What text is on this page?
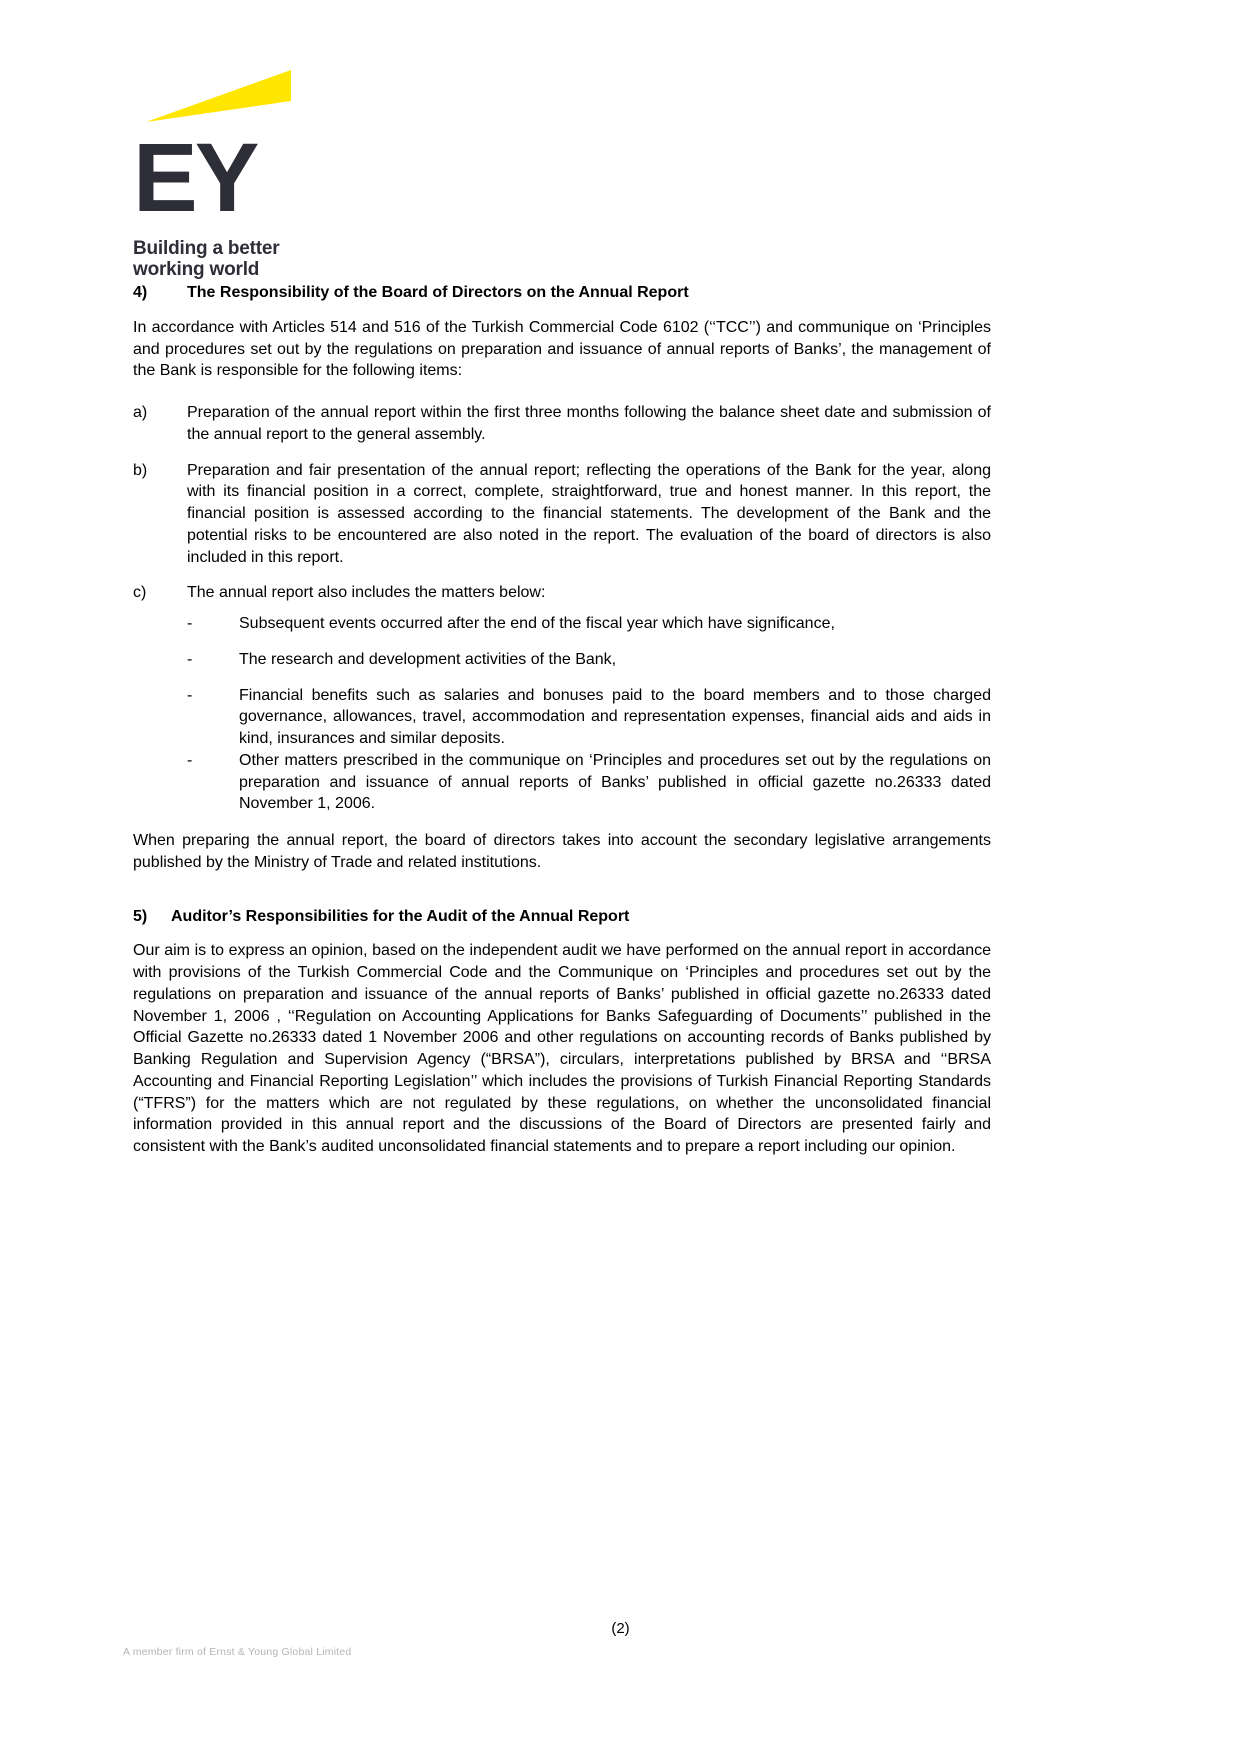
EY
Building a better
working world
4)	The Responsibility of the Board of Directors on the Annual Report

In accordance with Articles 514 and 516 of the Turkish Commercial Code 6102 (‘‘TCC’’) and communique on ‘Principles and procedures set out by the regulations on preparation and issuance of annual reports of Banks’, the management of the Bank is responsible for the following items:

a)	Preparation of the annual report within the first three months following the balance sheet date and submission of the annual report to the general assembly.
b)	Preparation and fair presentation of the annual report; reflecting the operations of the Bank for the year, along with its financial position in a correct, complete, straightforward, true and honest manner. In this report, the financial position is assessed according to the financial statements. The development of the Bank and the potential risks to be encountered are also noted in the report. The evaluation of the board of directors is also included in this report.
c)	The annual report also includes the matters below:
-	Subsequent events occurred after the end of the fiscal year which have significance,
-	The research and development activities of the Bank,
-	Financial benefits such as salaries and bonuses paid to the board members and to those charged governance, allowances, travel, accommodation and representation expenses, financial aids and aids in kind, insurances and similar deposits.
-	Other matters prescribed in the communique on ‘Principles and procedures set out by the regulations on preparation and issuance of annual reports of Banks’ published in official gazette no.26333 dated November 1, 2006.

When preparing the annual report, the board of directors takes into account the secondary legislative arrangements published by the Ministry of Trade and related institutions.

5)	Auditor’s Responsibilities for the Audit of the Annual Report

Our aim is to express an opinion, based on the independent audit we have performed on the annual report in accordance with provisions of the Turkish Commercial Code and the Communique on ‘Principles and procedures set out by the regulations on preparation and issuance of the annual reports of Banks’ published in official gazette no.26333 dated November 1, 2006 , ‘‘Regulation on Accounting Applications for Banks Safeguarding of Documents’’ published in the Official Gazette no.26333 dated 1 November 2006 and other regulations on accounting records of Banks published by Banking Regulation and Supervision Agency (“BRSA”), circulars, interpretations published by BRSA and ‘‘BRSA Accounting and Financial Reporting Legislation’’ which includes the provisions of Turkish Financial Reporting Standards (“TFRS”) for the matters which are not regulated by these regulations, on whether the unconsolidated financial information provided in this annual report and the discussions of the Board of Directors are presented fairly and consistent with the Bank’s audited unconsolidated financial statements and to prepare a report including our opinion.

(2)
A member firm of Ernst & Young Global Limited
